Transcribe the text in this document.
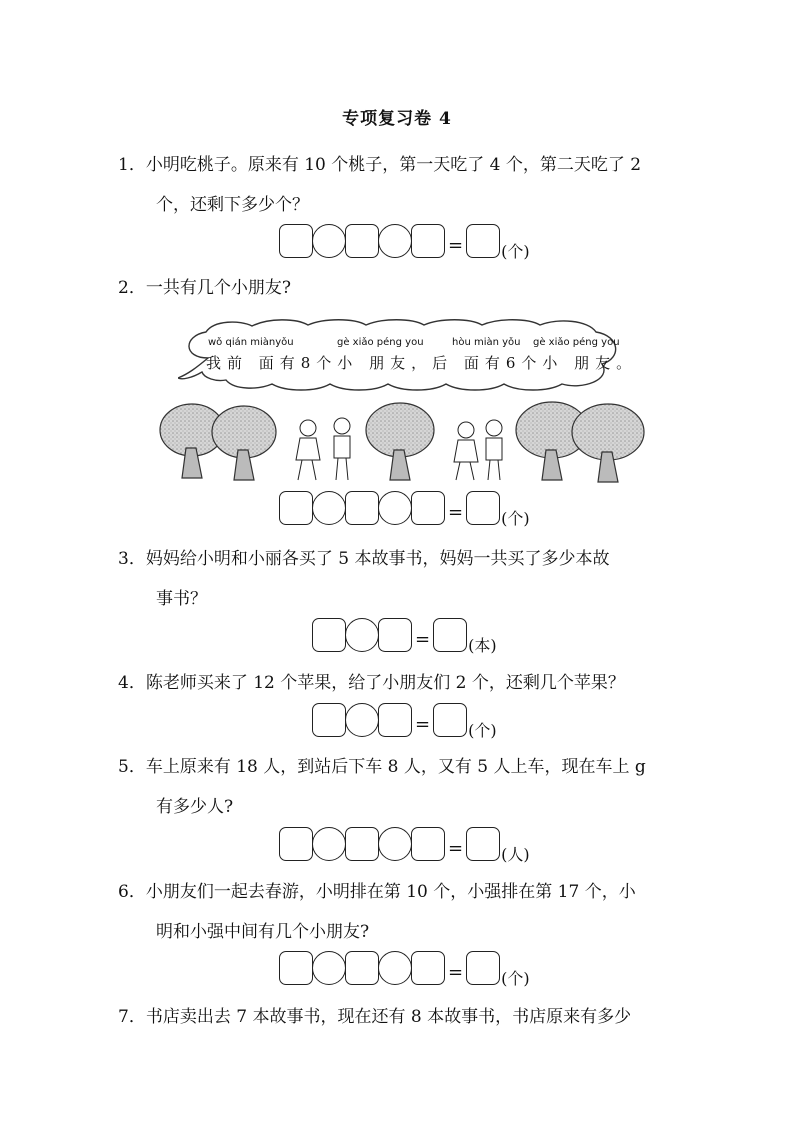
专项复习卷 4
1．小明吃桃子。原来有 10 个桃子，第一天吃了 4 个，第二天吃了 2
个，还剩下多少个？
= (个)
2．一共有几个小朋友?
wǒ qián miànyǒu	gè xiǎo péng you	hòu miàn yǒu gè xiǎo péng you
我前 面有8个小 朋友，后 面有6个小 朋友。
= (个)
3．妈妈给小明和小丽各买了 5 本故事书，妈妈一共买了多少本故
事书？
= (本)
4．陈老师买来了 12 个苹果，给了小朋友们 2 个，还剩几个苹果？
= (个)
5．车上原来有 18 人，到站后下车 8 人，又有 5 人上车，现在车上 g
有多少人?
= (人)
6．小朋友们一起去春游，小明排在第 10 个，小强排在第 17 个，小
明和小强中间有几个小朋友?
= (个)
7．书店卖出去 7 本故事书，现在还有 8 本故事书，书店原来有多少
